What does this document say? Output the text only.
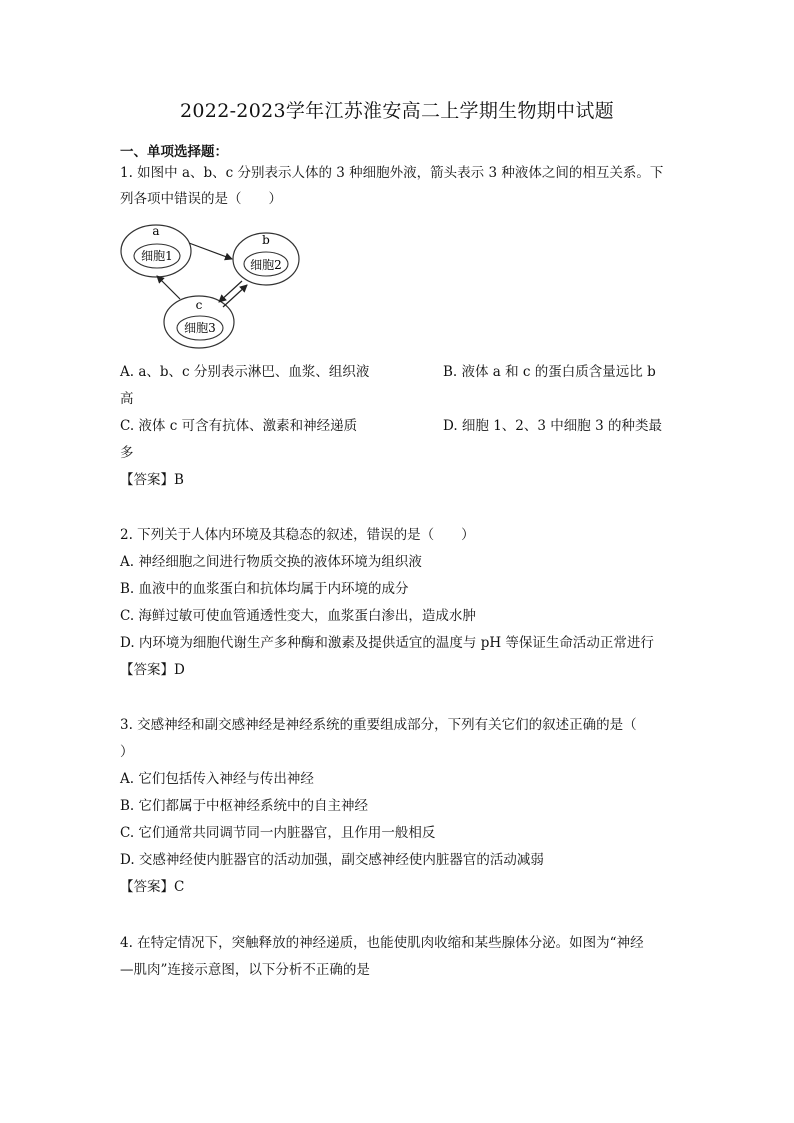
2022-2023学年江苏淮安高二上学期生物期中试题
一、单项选择题：
1. 如图中 a、b、c 分别表示人体的 3 种细胞外液，箭头表示 3 种液体之间的相互关系。下
列各项中错误的是（　　）
a
细胞1
b
细胞2
c
细胞3
A. a、b、c 分别表示淋巴、血浆、组织液	B. 液体 a 和 c 的蛋白质含量远比 b
高
C. 液体 c 可含有抗体、激素和神经递质	D. 细胞 1、2、3 中细胞 3 的种类最
多
【答案】B
2. 下列关于人体内环境及其稳态的叙述，错误的是（　　）
A. 神经细胞之间进行物质交换的液体环境为组织液
B. 血液中的血浆蛋白和抗体均属于内环境的成分
C. 海鲜过敏可使血管通透性变大，血浆蛋白渗出，造成水肿
D. 内环境为细胞代谢生产多种酶和激素及提供适宜的温度与 pH 等保证生命活动正常进行
【答案】D
3. 交感神经和副交感神经是神经系统的重要组成部分，下列有关它们的叙述正确的是（
）
A. 它们包括传入神经与传出神经
B. 它们都属于中枢神经系统中的自主神经
C. 它们通常共同调节同一内脏器官，且作用一般相反
D. 交感神经使内脏器官的活动加强，副交感神经使内脏器官的活动减弱
【答案】C
4. 在特定情况下，突触释放的神经递质，也能使肌肉收缩和某些腺体分泌。如图为“神经
—肌肉”连接示意图，以下分析不正确的是
